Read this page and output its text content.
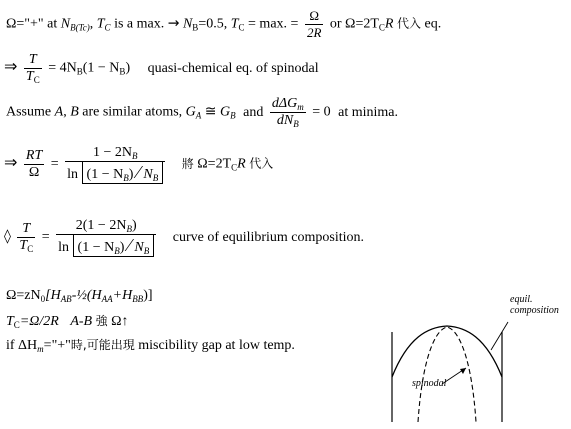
Ω="+" at $N_{B(Tc)}$, $T_C$ is a max. → $N_B=0.5$, $T_C = \max$. = $\frac{\Omega}{2R}$ or $\Omega=2T_CR$ 代入 eq.
⇒ $\frac{T}{T_C} = 4N_B(1 - N_B)$ quasi-chemical eq. of spinodal
Assume A, B are similar atoms, $G_A$ ≅ $G_B$ and $\frac{d\Delta G_m}{dN_B} = 0$ at minima.
⇒ $\frac{RT}{\Omega} = \frac{1 - 2N_B}{\ln (1 - N_B) ⁄ N_B}$ 將 $\Omega=2T_CR$ 代入
◊ $\frac{T}{T_C} = \frac{2(1 - 2N_B)}{\ln (1 - N_B) ⁄ N_B}$ curve of equilibrium composition.
$\Omega=zN_0[H_{AB}-\frac{1}{2}(H_{AA}+H_{BB})]$
$T_C=\Omega/2R$ A-B 強 Ω↑
if $\Delta H_m="+$"時,可能出現 miscibility gap at low temp.
equil.
composition
spinodal
